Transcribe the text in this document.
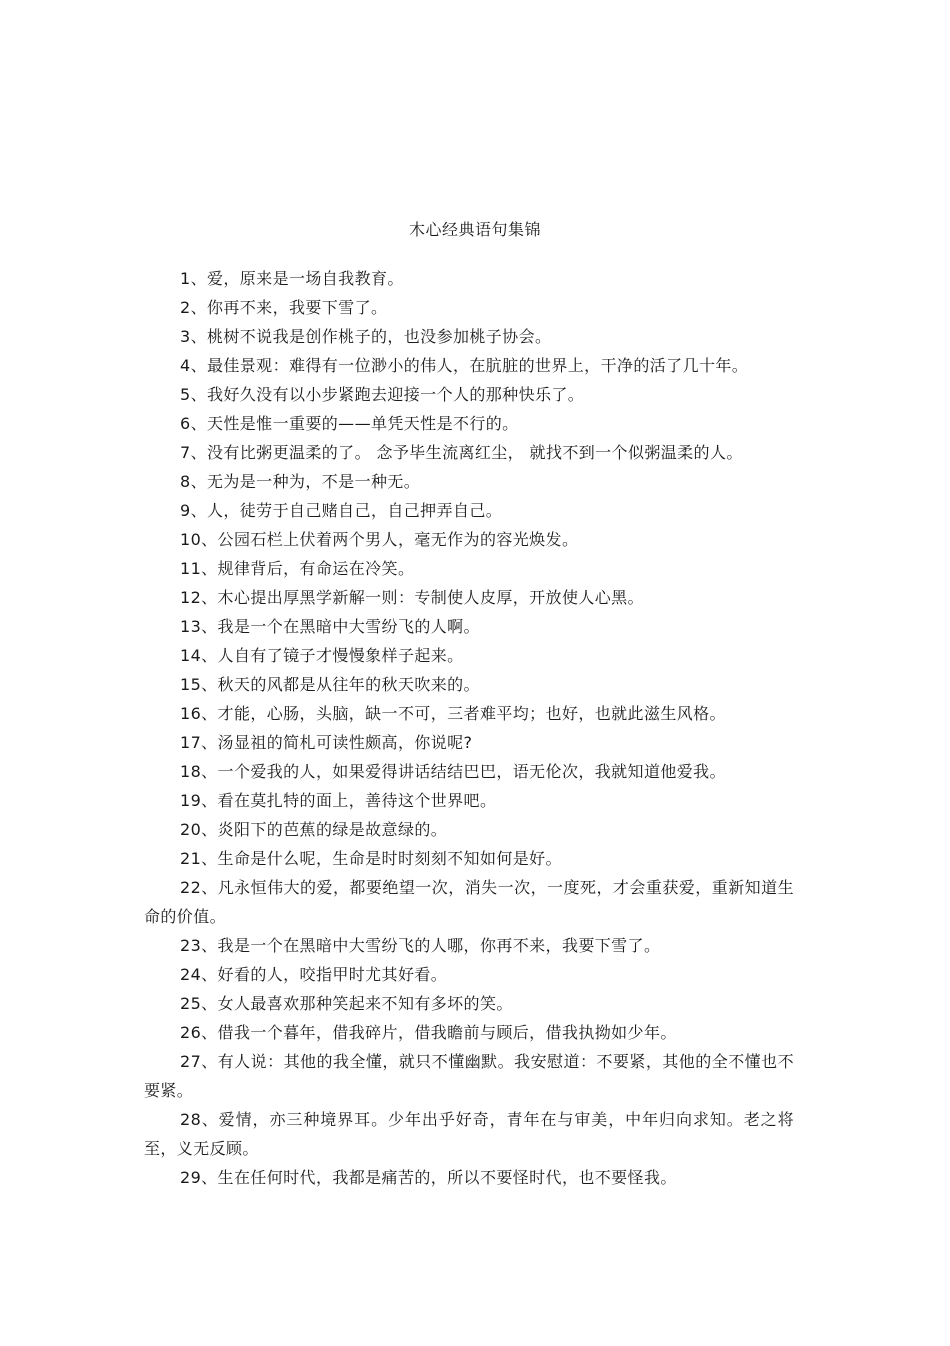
木心经典语句集锦

1、爱，原来是一场自我教育。

2、你再不来，我要下雪了。

3、桃树不说我是创作桃子的，也没参加桃子协会。

4、最佳景观：难得有一位渺小的伟人，在肮脏的世界上，干净的活了几十年。

5、我好久没有以小步紧跑去迎接一个人的那种快乐了。

6、天性是惟一重要的——单凭天性是不行的。

7、没有比粥更温柔的了。 念予毕生流离红尘， 就找不到一个似粥温柔的人。

8、无为是一种为，不是一种无。

9、人，徒劳于自己赌自己，自己押弄自己。

10、公园石栏上伏着两个男人，毫无作为的容光焕发。

11、规律背后，有命运在冷笑。

12、木心提出厚黑学新解一则：专制使人皮厚，开放使人心黑。

13、我是一个在黑暗中大雪纷飞的人啊。

14、人自有了镜子才慢慢象样子起来。

15、秋天的风都是从往年的秋天吹来的。

16、才能，心肠，头脑，缺一不可，三者难平均；也好，也就此滋生风格。

17、汤显祖的简札可读性颇高，你说呢?

18、一个爱我的人，如果爱得讲话结结巴巴，语无伦次，我就知道他爱我。

19、看在莫扎特的面上，善待这个世界吧。

20、炎阳下的芭蕉的绿是故意绿的。

21、生命是什么呢，生命是时时刻刻不知如何是好。

22、凡永恒伟大的爱，都要绝望一次，消失一次，一度死，才会重获爱，重新知道生命的价值。

23、我是一个在黑暗中大雪纷飞的人哪，你再不来，我要下雪了。

24、好看的人，咬指甲时尤其好看。

25、女人最喜欢那种笑起来不知有多坏的笑。

26、借我一个暮年，借我碎片，借我瞻前与顾后，借我执拗如少年。

27、有人说：其他的我全懂，就只不懂幽默。我安慰道：不要紧，其他的全不懂也不要紧。

28、爱情，亦三种境界耳。少年出乎好奇，青年在与审美，中年归向求知。老之将至，义无反顾。

29、生在任何时代，我都是痛苦的，所以不要怪时代，也不要怪我。
